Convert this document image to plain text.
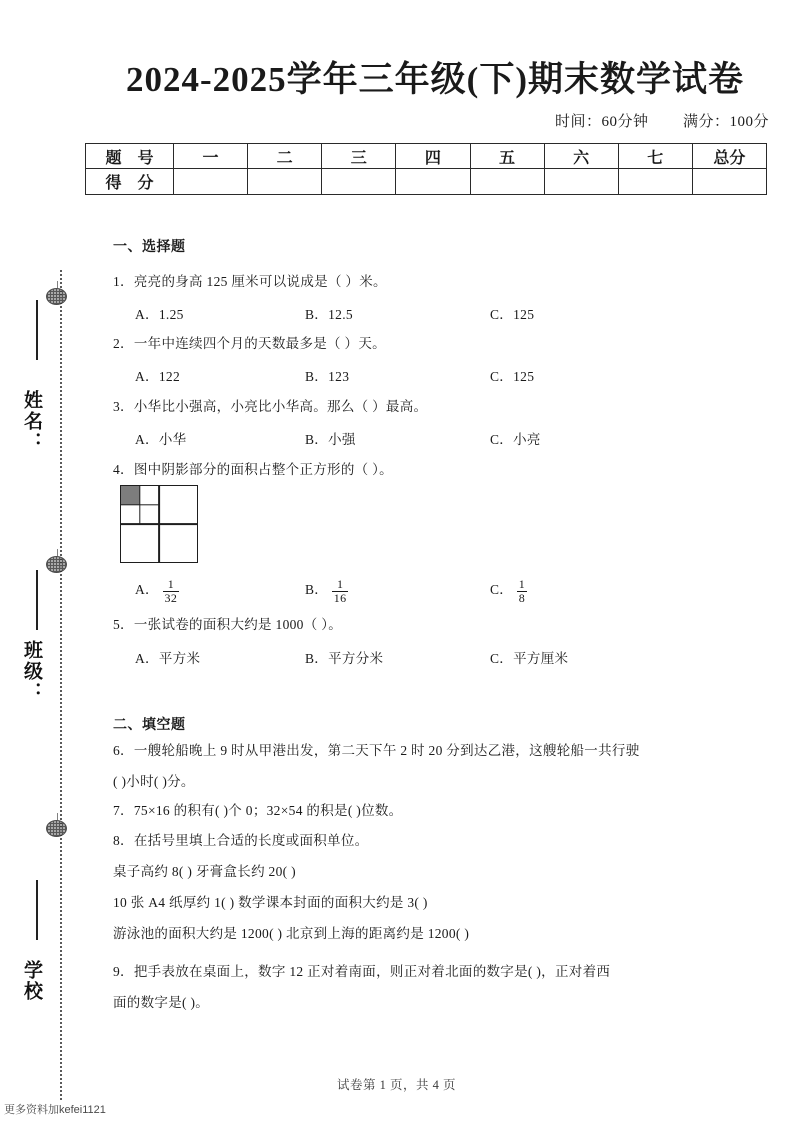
姓名：
班级：
学校
2024-2025学年三年级(下)期末数学试卷
时间：60分钟 满分：100分
题 号	一	二	三	四	五	六	七	总分
得 分								
一、选择题
1．亮亮的身高 125 厘米可以说成是（ ）米。
A．1.25	B．12.5	C．125
2．一年中连续四个月的天数最多是（ ）天。
A．122	B．123	C．125
3．小华比小强高，小亮比小华高。那么（ ）最高。
A．小华	B．小强	C．小亮
4．图中阴影部分的面积占整个正方形的（ ）。
A． $\frac{1}{32}$	B． $\frac{1}{16}$	C． $\frac{1}{8}$
5．一张试卷的面积大约是 1000（ ）。
A．平方米	B．平方分米	C．平方厘米
二、填空题
6．一艘轮船晚上 9 时从甲港出发，第二天下午 2 时 20 分到达乙港，这艘轮船一共行驶
( )小时( )分。
7．75×16 的积有( )个 0；32×54 的积是( )位数。
8．在括号里填上合适的长度或面积单位。
桌子高约 8( ) 牙膏盒长约 20( )
10 张 A4 纸厚约 1( ) 数学课本封面的面积大约是 3( )
游泳池的面积大约是 1200( ) 北京到上海的距离约是 1200( )
9．把手表放在桌面上，数字 12 正对着南面，则正对着北面的数字是( )，正对着西
面的数字是( )。
试卷第 1 页，共 4 页
更多资料加kefei1121
